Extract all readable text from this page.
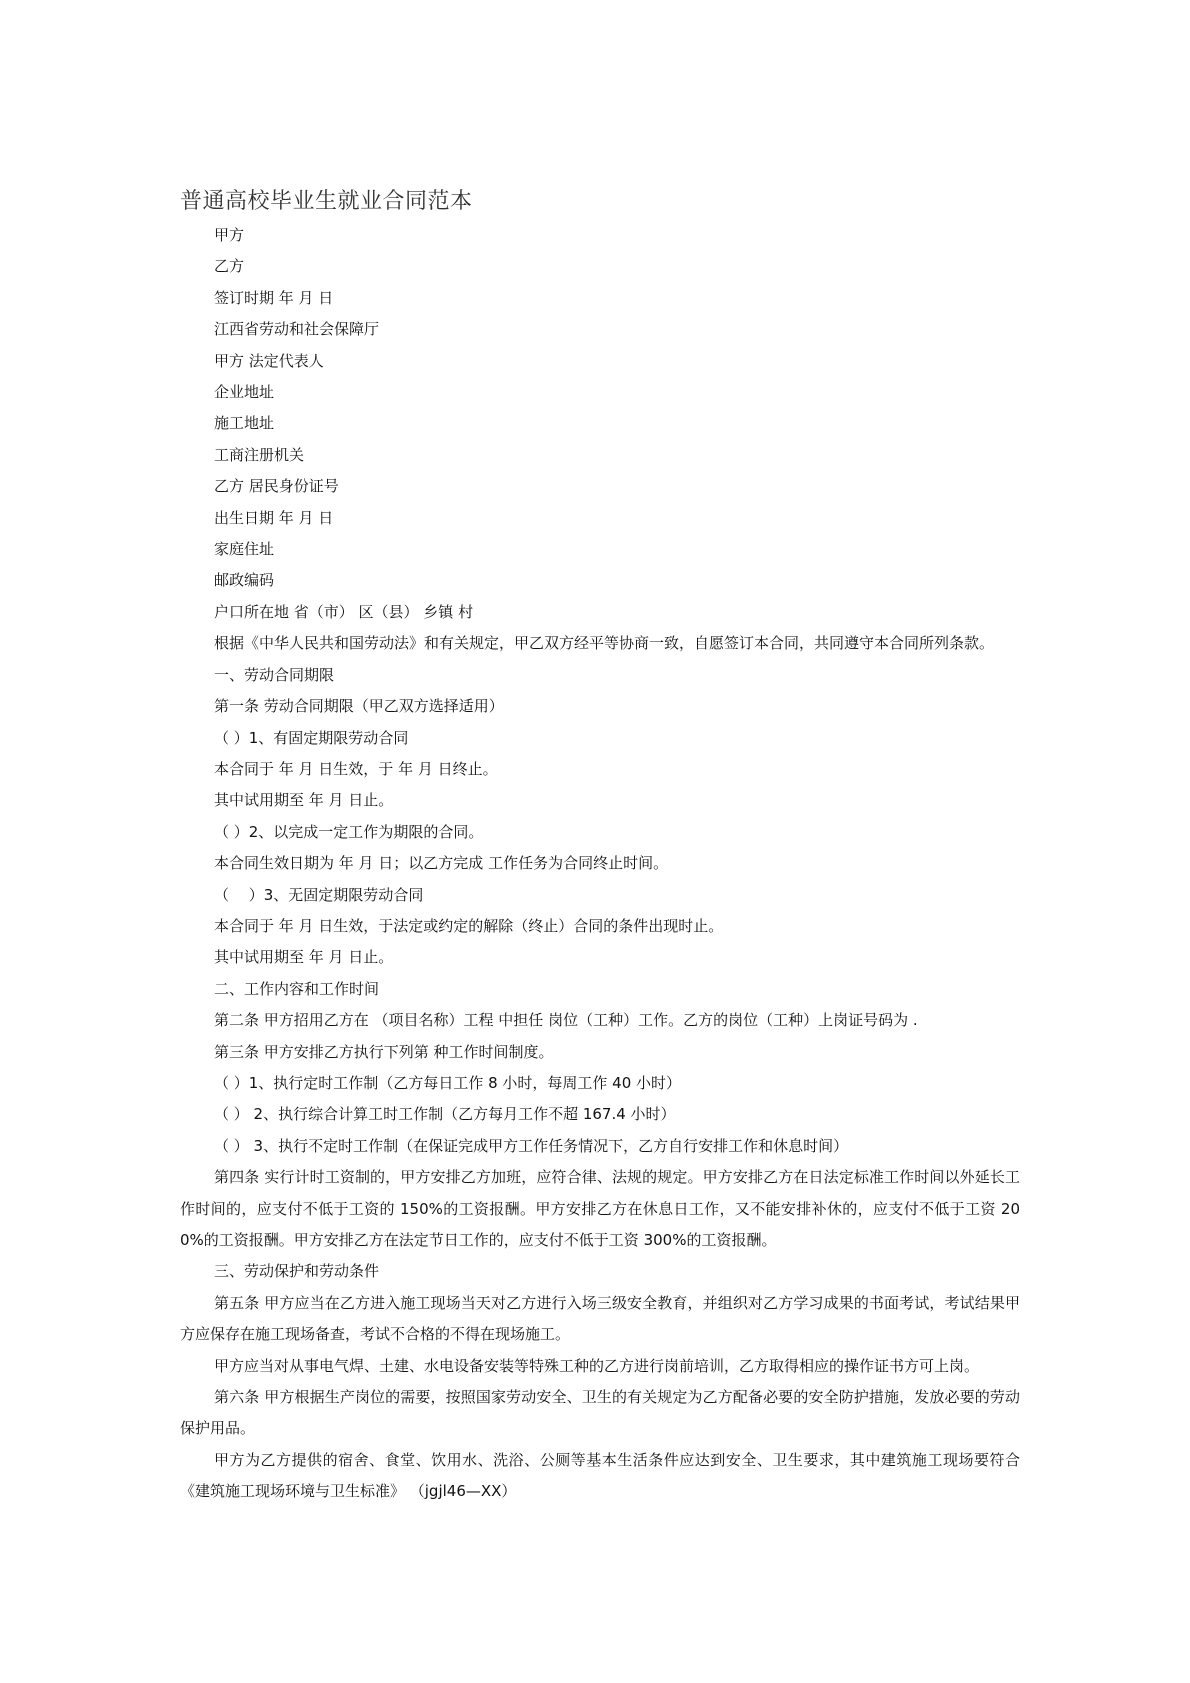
普通高校毕业生就业合同范本

甲方

乙方

签订时期 年 月 日

江西省劳动和社会保障厅

甲方 法定代表人

企业地址

施工地址

工商注册机关

乙方 居民身份证号

出生日期 年 月 日

家庭住址

邮政编码

户口所在地 省（市） 区（县） 乡镇 村

根据《中华人民共和国劳动法》和有关规定，甲乙双方经平等协商一致，自愿签订本合同，共同遵守本合同所列条款。

一、劳动合同期限

第一条 劳动合同期限（甲乙双方选择适用）

（ ）1、有固定期限劳动合同

本合同于 年 月 日生效，于 年 月 日终止。

其中试用期至 年 月 日止。

（ ）2、以完成一定工作为期限的合同。

本合同生效日期为 年 月 日；以乙方完成 工作任务为合同终止时间。

（　 ）3、无固定期限劳动合同

本合同于 年 月 日生效，于法定或约定的解除（终止）合同的条件出现时止。

其中试用期至 年 月 日止。

二、工作内容和工作时间

第二条 甲方招用乙方在 （项目名称）工程 中担任 岗位（工种）工作。乙方的岗位（工种）上岗证号码为 .

第三条 甲方安排乙方执行下列第 种工作时间制度。

（ ）1、执行定时工作制（乙方每日工作 8 小时，每周工作 40 小时）

（ ） 2、执行综合计算工时工作制（乙方每月工作不超 167.4 小时）

（ ） 3、执行不定时工作制（在保证完成甲方工作任务情况下，乙方自行安排工作和休息时间）

第四条 实行计时工资制的，甲方安排乙方加班，应符合律、法规的规定。甲方安排乙方在日法定标准工作时间以外延长工作时间的，应支付不低于工资的 150%的工资报酬。甲方安排乙方在休息日工作，又不能安排补休的，应支付不低于工资 200%的工资报酬。甲方安排乙方在法定节日工作的，应支付不低于工资 300%的工资报酬。

三、劳动保护和劳动条件

第五条 甲方应当在乙方进入施工现场当天对乙方进行入场三级安全教育，并组织对乙方学习成果的书面考试，考试结果甲方应保存在施工现场备查，考试不合格的不得在现场施工。

甲方应当对从事电气焊、土建、水电设备安装等特殊工种的乙方进行岗前培训，乙方取得相应的操作证书方可上岗。

第六条 甲方根据生产岗位的需要，按照国家劳动安全、卫生的有关规定为乙方配备必要的安全防护措施，发放必要的劳动保护用品。

甲方为乙方提供的宿舍、食堂、饮用水、洗浴、公厕等基本生活条件应达到安全、卫生要求，其中建筑施工现场要符合《建筑施工现场环境与卫生标准》 （jgjl46—XX）
